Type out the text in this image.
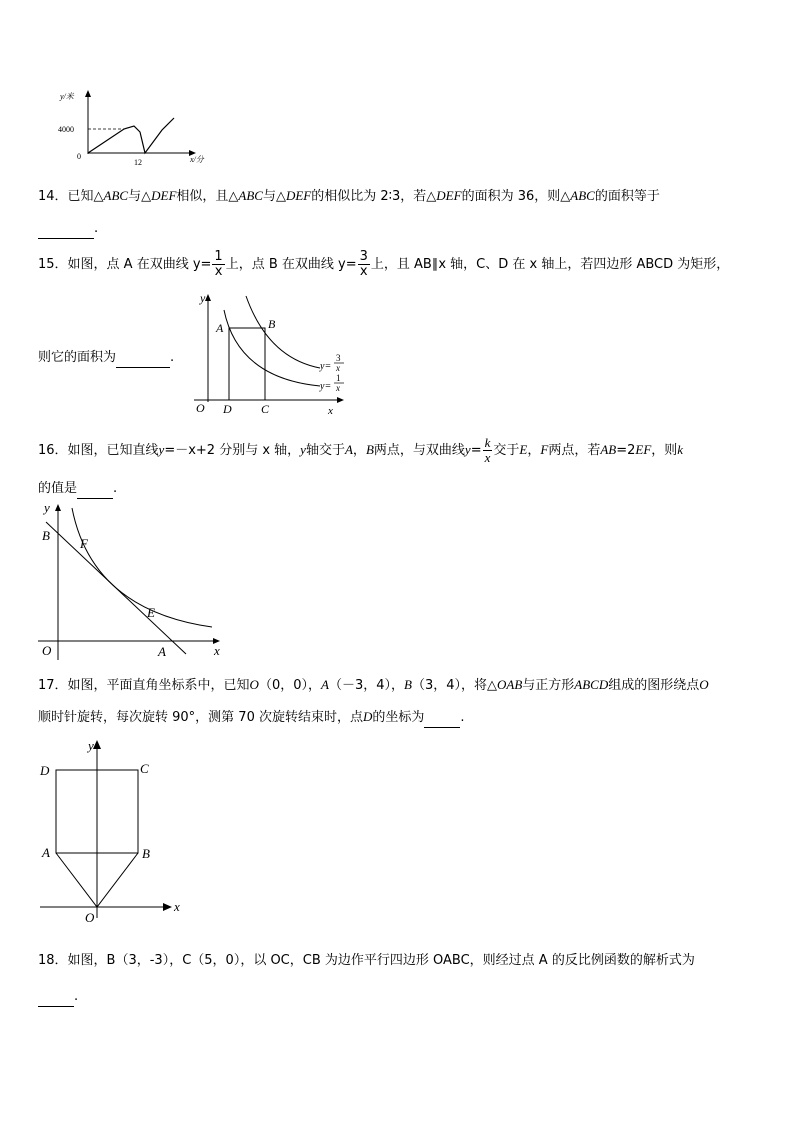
y/米
4000
0
12	x/分
14．已知△ABC与△DEF相似，且△ABC与△DEF的相似比为 2∶3，若△DEF的面积为 36，则△ABC的面积等于
.
15．如图，点 A 在双曲线 $y= \frac{1}{x}$ 上，点 B 在双曲线 $y= \frac{3}{x}$ 上，且 AB∥x 轴，C、D 在 x 轴上，若四边形 ABCD 为矩形，
则它的面积为	.
y
A	B
O D C	x
y=
3
x
y=
1
x
16．如图，已知直线y=－x+2 分别与 x 轴，y轴交于A，B两点，与双曲线$y= \frac{k}{x}$ 交于E，F两点，若AB=2EF，则k
的值是	.
y
B
F
E
O	A	x
17．如图，平面直角坐标系中，已知O（0，0），A（－3，4），B（3，4），将△OAB与正方形ABCD组成的图形绕点O
顺时针旋转，每次旋转 90°，测第 70 次旋转结束时，点D的坐标为	.
D	C
A	B
O
y
x
18．如图，B（3，-3），C（5，0），以 OC，CB 为边作平行四边形 OABC，则经过点 A 的反比例函数的解析式为
.
